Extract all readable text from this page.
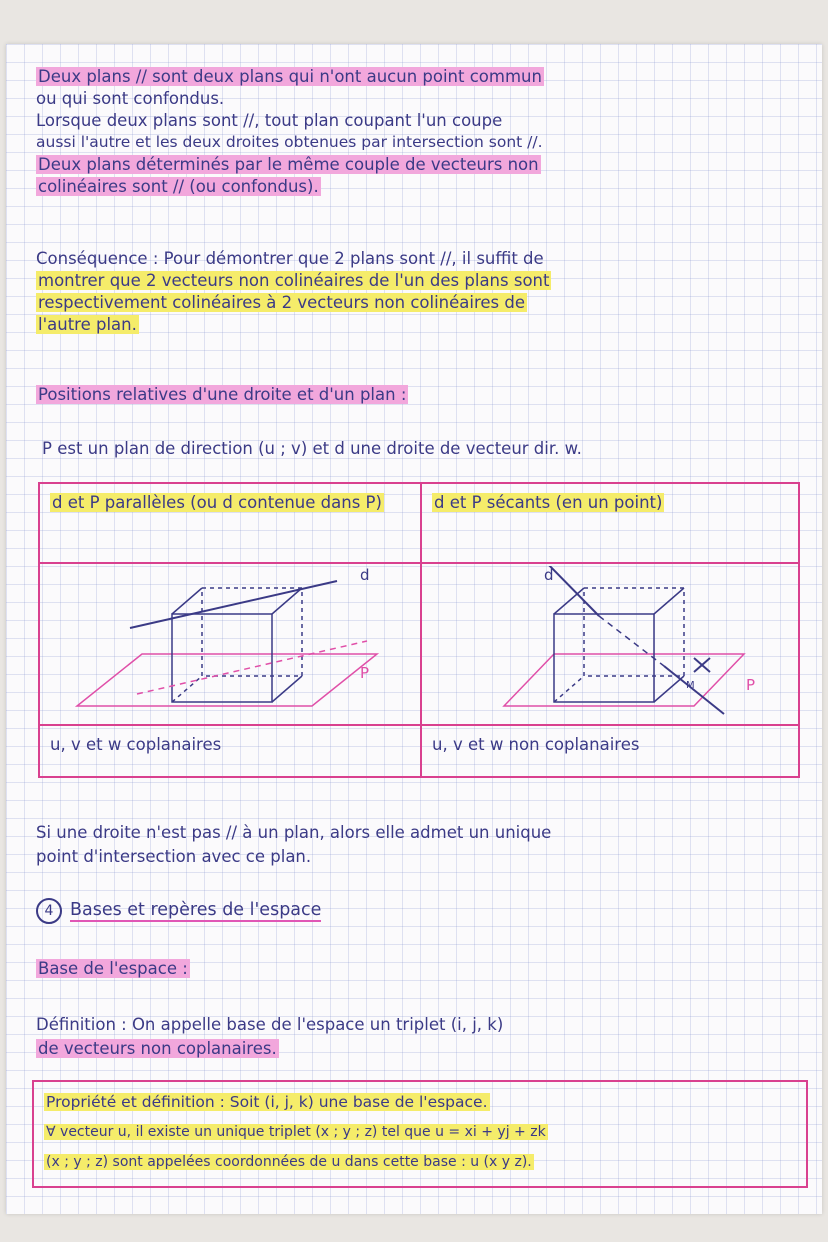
Deux plans // sont deux plans qui n'ont aucun point commun
ou qui sont confondus.
Lorsque deux plans sont //, tout plan coupant l'un coupe
aussi l'autre et les deux droites obtenues par intersection sont //.
Deux plans déterminés par le même couple de vecteurs non
colinéaires sont // (ou confondus).
Conséquence : Pour démontrer que 2 plans sont //, il suffit de
montrer que 2 vecteurs non colinéaires de l'un des plans sont
respectivement colinéaires à 2 vecteurs non colinéaires de
l'autre plan.
Positions relatives d'une droite et d'un plan :
P est un plan de direction (u ; v) et d une droite de vecteur dir. w.
d et P parallèles (ou d contenue dans P)	d et P sécants (en un point)
d
P
d
M	P
u, v et w coplanaires	u, v et w non coplanaires
Si une droite n'est pas // à un plan, alors elle admet un unique
point d'intersection avec ce plan.
4 Bases et repères de l'espace
Base de l'espace :
Définition : On appelle base de l'espace un triplet (i, j, k)
de vecteurs non coplanaires.
Propriété et définition : Soit (i, j, k) une base de l'espace.
∀ vecteur u, il existe un unique triplet (x ; y ; z) tel que u = xi + yj + zk
(x ; y ; z) sont appelées coordonnées de u dans cette base : u (x y z).
